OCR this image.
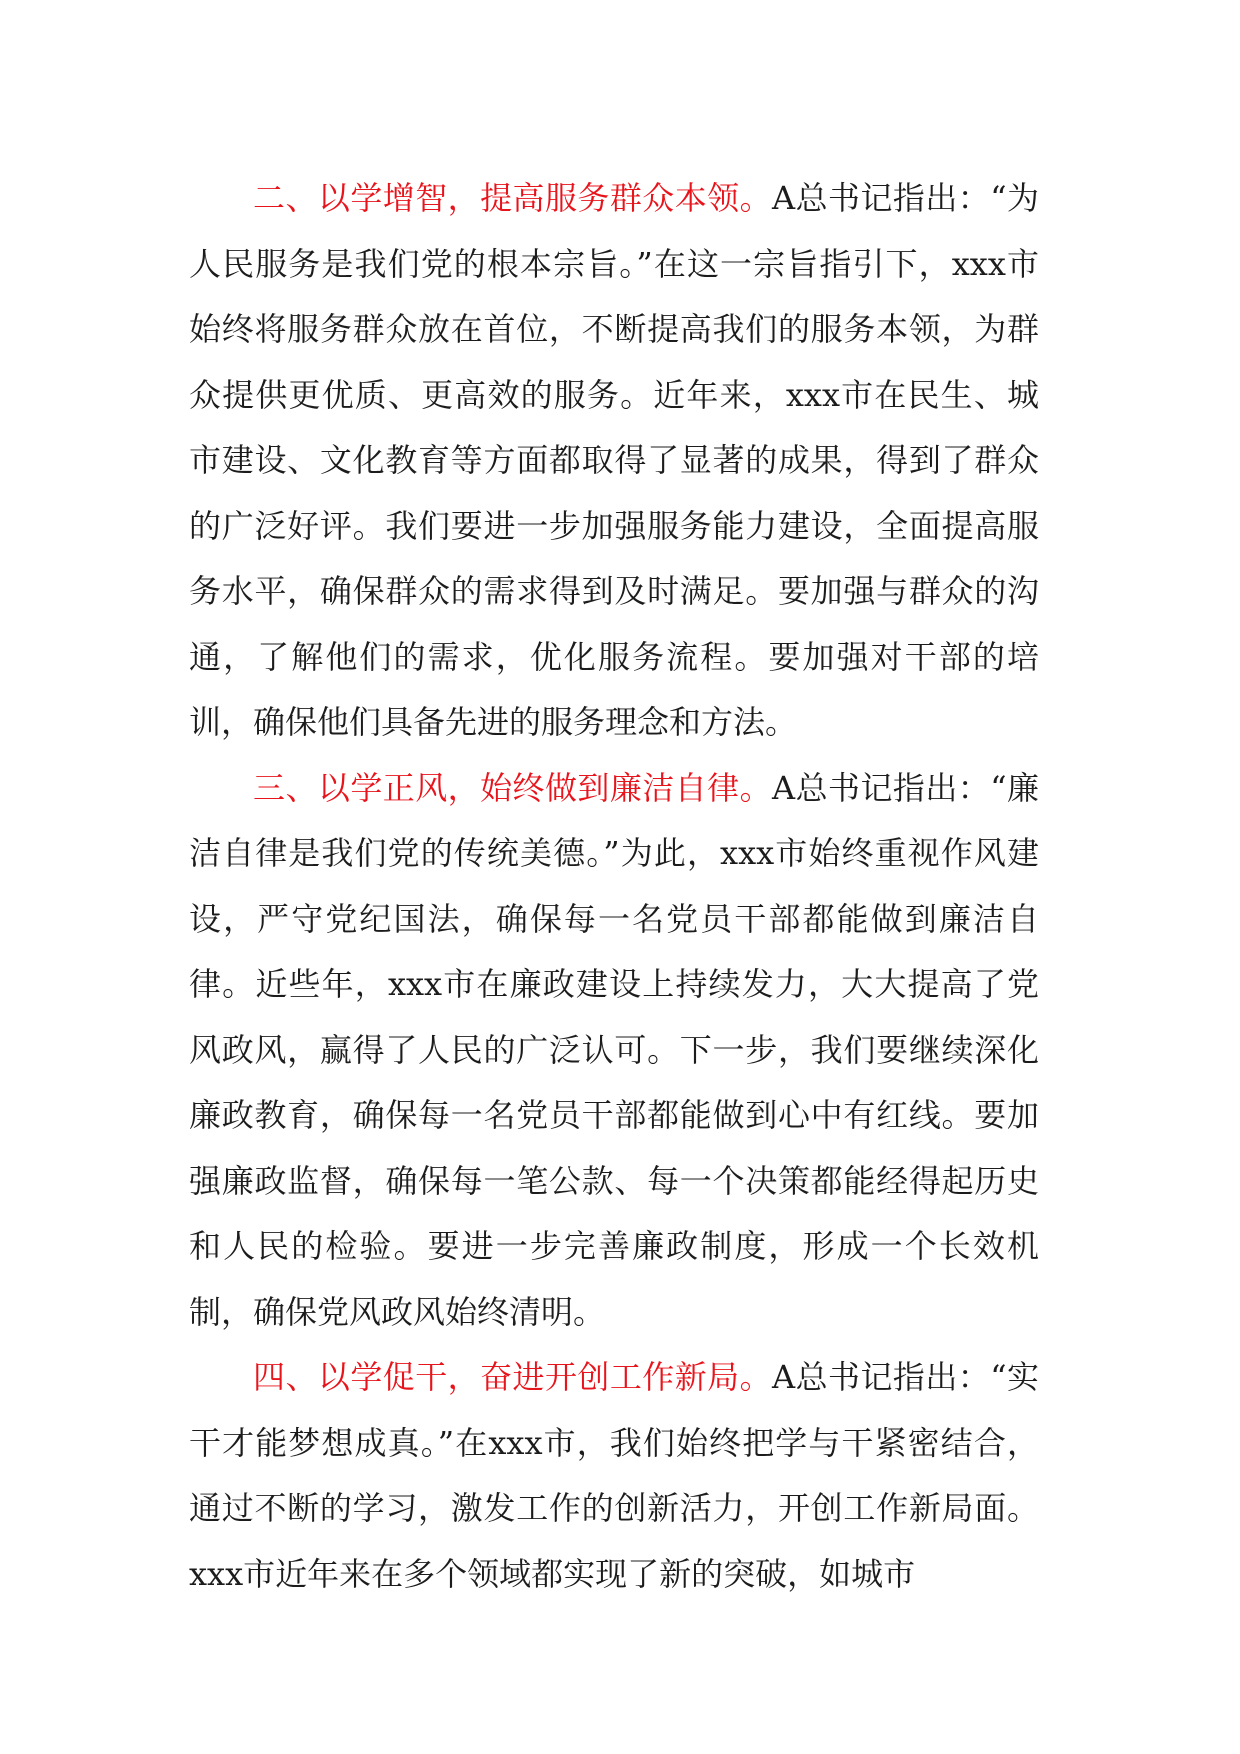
二、以学增智，提高服务群众本领。A总书记指出：“为人民服务是我们党的根本宗旨。”在这一宗旨指引下，xxx市始终将服务群众放在首位，不断提高我们的服务本领，为群众提供更优质、更高效的服务。近年来，xxx市在民生、城市建设、文化教育等方面都取得了显著的成果，得到了群众的广泛好评。我们要进一步加强服务能力建设，全面提高服务水平，确保群众的需求得到及时满足。要加强与群众的沟通，了解他们的需求，优化服务流程。要加强对干部的培训，确保他们具备先进的服务理念和方法。

三、以学正风，始终做到廉洁自律。A总书记指出：“廉洁自律是我们党的传统美德。”为此，xxx市始终重视作风建设，严守党纪国法，确保每一名党员干部都能做到廉洁自律。近些年，xxx市在廉政建设上持续发力，大大提高了党风政风，赢得了人民的广泛认可。下一步，我们要继续深化廉政教育，确保每一名党员干部都能做到心中有红线。要加强廉政监督，确保每一笔公款、每一个决策都能经得起历史和人民的检验。要进一步完善廉政制度，形成一个长效机制，确保党风政风始终清明。

四、以学促干，奋进开创工作新局。A总书记指出：“实干才能梦想成真。”在xxx市，我们始终把学与干紧密结合，通过不断的学习，激发工作的创新活力，开创工作新局面。xxx市近年来在多个领域都实现了新的突破，如城市
